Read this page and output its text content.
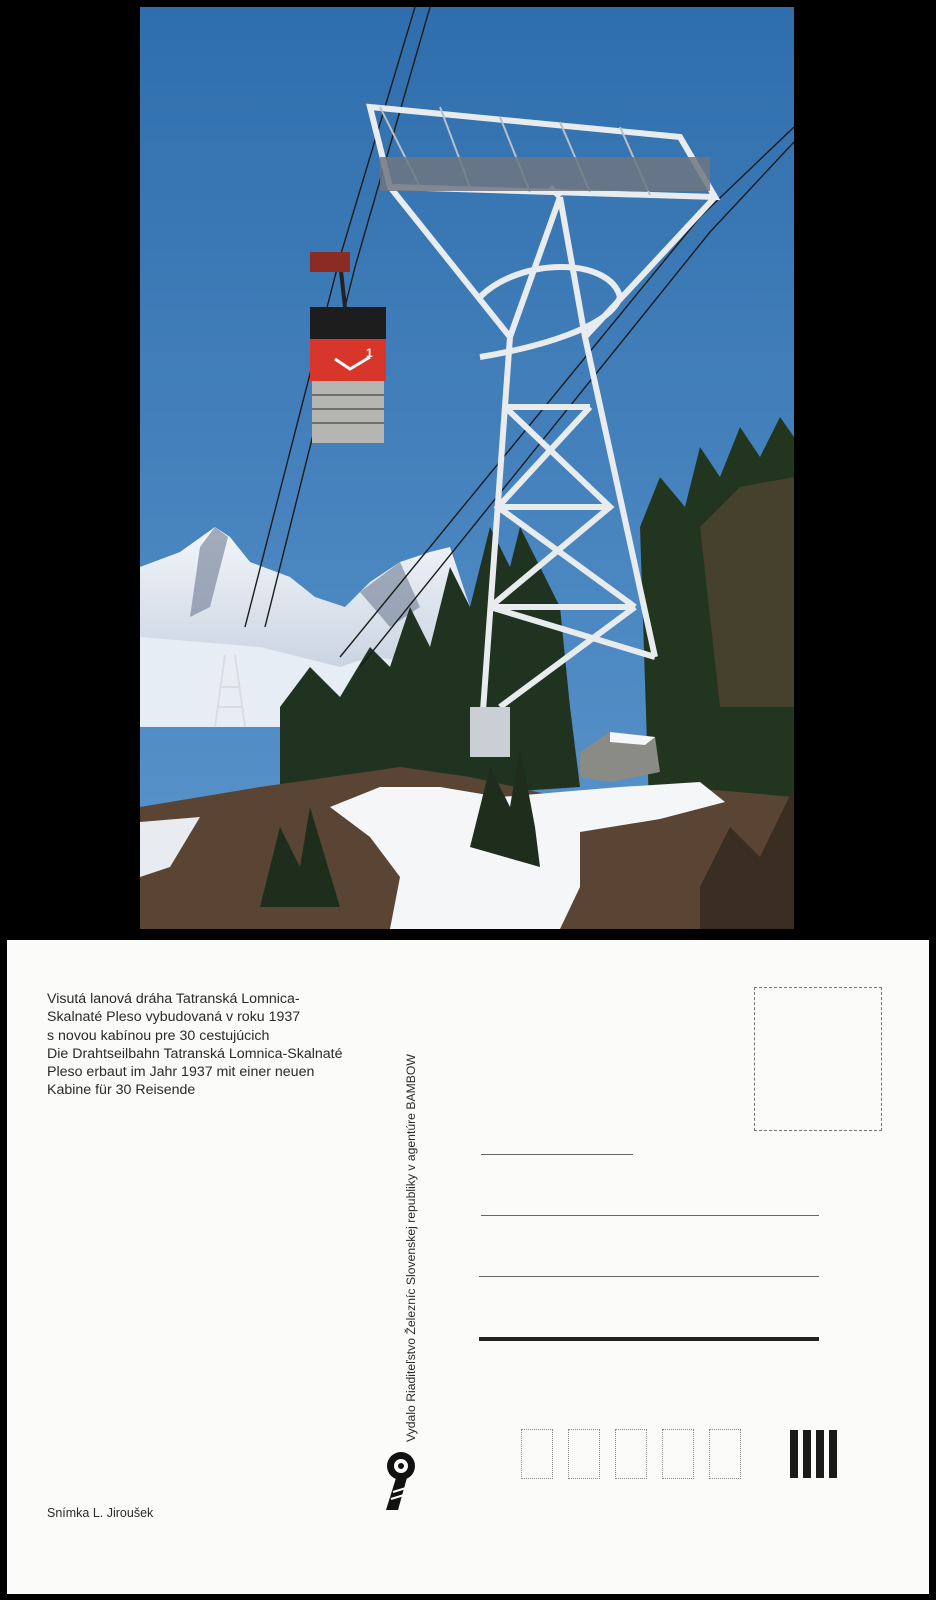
1
Visutá lanová dráha Tatranská Lomnica-
Skalnaté Pleso vybudovaná v roku 1937
s novou kabínou pre 30 cestujúcich
Die Drahtseilbahn Tatranská Lomnica-Skalnaté
Pleso erbaut im Jahr 1937 mit einer neuen
Kabine für 30 Reisende	Vydalo Riaditeľstvo Železníc Slovenskej republiky v agentúre BAMBOW
Snímka L. Jiroušek
